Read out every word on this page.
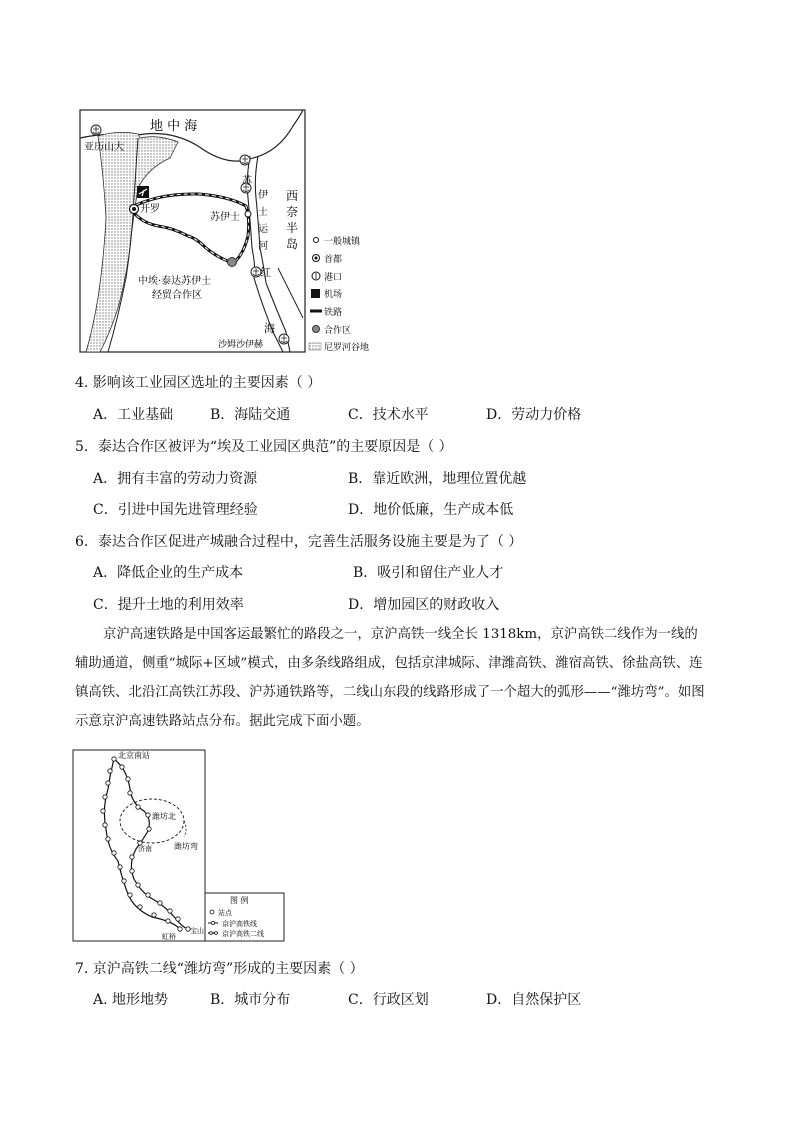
地 中 海
亚历山大
苏
伊
士
运
河
西
奈
半
岛
开罗
苏伊士
红
海
中埃·泰达苏伊士
经贸合作区
沙姆沙伊赫
一般城镇
首都
港口
机场
铁路
合作区
尼罗河谷地
4. 影响该工业园区选址的主要因素（ ）
A．工业基础	B．海陆交通	C．技术水平	D．劳动力价格
5．泰达合作区被评为“埃及工业园区典范”的主要原因是（ ）
A．拥有丰富的劳动力资源	B．靠近欧洲，地理位置优越
C．引进中国先进管理经验	D．地价低廉，生产成本低
6．泰达合作区促进产城融合过程中，完善生活服务设施主要是为了（ ）
A．降低企业的生产成本	B．吸引和留住产业人才
C．提升土地的利用效率	D．增加园区的财政收入
京沪高速铁路是中国客运最繁忙的路段之一，京沪高铁一线全长 1318km，京沪高铁二线作为一线的
辅助通道，侧重“城际+区域”模式，由多条线路组成，包括京津城际、津潍高铁、潍宿高铁、徐盐高铁、连
镇高铁、北沿江高铁江苏段、沪苏通铁路等，二线山东段的线路形成了一个超大的弧形——“潍坊弯”。如图
示意京沪高速铁路站点分布。据此完成下面小题。
北京南站
潍坊北
济南	潍坊弯
虹桥
宝山
图 例
站点
京沪高铁线
京沪高铁二线
7. 京沪高铁二线“潍坊弯”形成的主要因素（ ）
A. 地形地势	B．城市分布	C．行政区划	D．自然保护区
